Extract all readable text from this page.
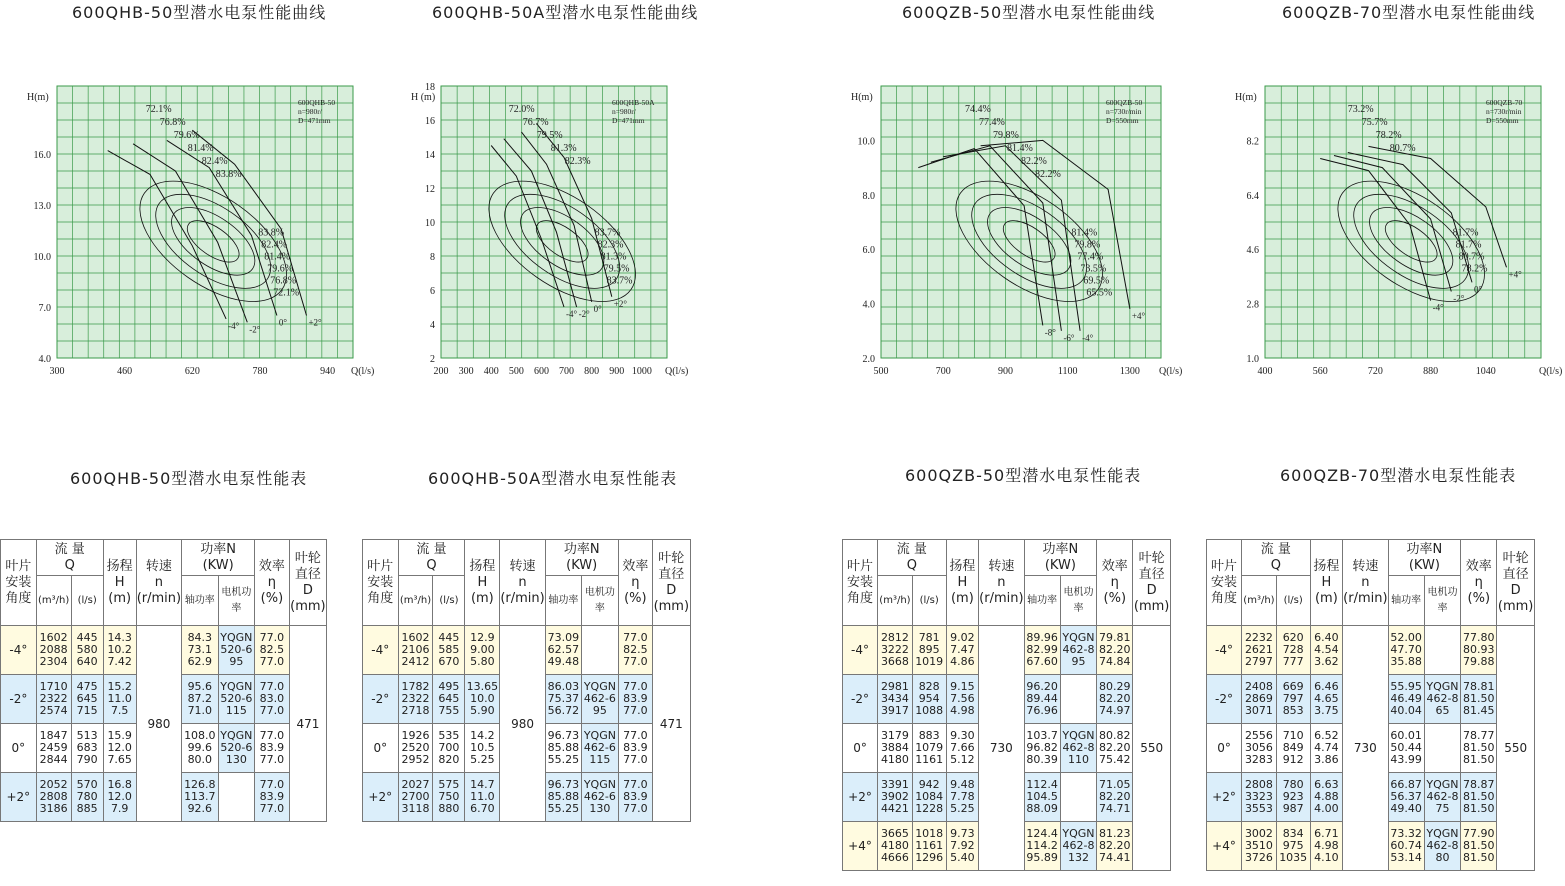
600QHB-50型潜水电泵性能曲线	600QHB-50A型潜水电泵性能曲线	600QZB-50型潜水电泵性能曲线	600QZB-70型潜水电泵性能曲线
4.0
7.0
10.0
13.0
16.0
300	460	620	780	940 Q(l/s)
H(m)	600QHB-50
n=980r/
D=471mm
-4° -2°
0° +2°
72.1%
76.8%
79.6%
81.4%
82.4%
83.8%
83.8%
82.4%
81.4%
79.6%
76.8%
72.1%
2
4
6
8
10
12
14
16
18
200 300 400 500 600 700 800 900 1000 Q(l/s)
H (m)	600QHB-50A
n=980r/
D=471mm
-4° -2°
0°
+2°
72.0%
76.7%
79.5%
81.3%
82.3%
83.7%
82.3%
81.3%
79.5%
83.7%
2.0
4.0
6.0
8.0
10.0
500	700	900	1100	1300 Q(l/s)
H(m)	600QZB-50
n=730r/min
D=550mm
-8°
-6° -4°
+4°
74.4%
77.4%
79.8%
81.4%
82.2%
82.2%
81.4%
79.8%
77.4%
73.5%
69.5%
65.5%
1.0
2.8
4.6
6.4
8.2
400	560	720	880	1040	Q(l/s)
H(m)	600QZB-70
n=730r/min
D=550mm
-4°
-2°
0°
+4°
73.2%
75.7%
78.2%
80.7%
81.7%
81.7%
80.7%
78.2%
600QHB-50型潜水电泵性能表	600QHB-50A型潜水电泵性能表	600QZB-50型潜水电泵性能表	600QZB-70型潜水电泵性能表
叶片
安装
角度	流 量
Q		扬程
H
(m)	转速
n
(r/min)	功率N
(KW)		效率
η
(%)	叶轮直径
D
(mm)
	(m³/h)	(l/s)			轴功率	电机功率		
-4°	1602
2088
2304	445
580
640	14.3
10.2
7.42	980	84.3
73.1
62.9	YQGN
520-6
95	77.0
82.5
77.0	471
-2°	1710
2322
2574	475
645
715	15.2
11.0
7.5		95.6
87.2
71.0	YQGN
520-6
115	77.0
83.0
77.0	
0°	1847
2459
2844	513
683
790	15.9
12.0
7.65		108.0
99.6
80.0	YQGN
520-6
130	77.0
83.9
77.0	
+2°	2052
2808
3186	570
780
885	16.8
12.0
7.9		126.8
113.7
92.6		77.0
83.9
77.0	
叶片
安装
角度	流 量
Q		扬程
H
(m)	转速
n
(r/min)	功率N
(KW)		效率
η
(%)	叶轮直径
D
(mm)
	(m³/h)	(l/s)			轴功率	电机功率		
-4°	1602
2106
2412	445
585
670	12.9
9.00
5.80	980	73.09
62.57
49.48		77.0
82.5
77.0	471
-2°	1782
2322
2718	495
645
755	13.65
10.0
5.90		86.03
75.37
56.72	YQGN
462-6
95	77.0
83.9
77.0	
0°	1926
2520
2952	535
700
820	14.2
10.5
5.25		96.73
85.88
55.25	YQGN
462-6
115	77.0
83.9
77.0	
+2°	2027
2700
3118	575
750
880	14.7
11.0
6.70		96.73
85.88
55.25	YQGN
462-6
130	77.0
83.9
77.0	
叶片
安装
角度	流 量
Q		扬程
H
(m)	转速
n
(r/min)	功率N
(KW)		效率
η
(%)	叶轮直径
D
(mm)
	(m³/h)	(l/s)			轴功率	电机功率		
-4°	2812
3222
3668	781
895
1019	9.02
7.47
4.86	730	89.96
82.99
67.60	YQGN
462-8
95	79.81
82.20
74.84	550
-2°	2981
3434
3917	828
954
1088	9.15
7.56
4.98		96.20
89.44
76.96		80.29
82.20
74.97	
0°	3179
3884
4180	883
1079
1161	9.30
7.66
5.12		103.7
96.82
80.39	YQGN
462-8
110	80.82
82.20
75.42	
+2°	3391
3902
4421	942
1084
1228	9.48
7.78
5.25		112.4
104.5
88.09		71.05
82.20
74.71	
+4°	3665
4180
4666	1018
1161
1296	9.73
7.92
5.40		124.4
114.2
95.89	YQGN
462-8
132	81.23
82.20
74.41	
叶片
安装
角度	流 量
Q		扬程
H
(m)	转速
n
(r/min)	功率N
(KW)		效率
η
(%)	叶轮直径
D
(mm)
	(m³/h)	(l/s)			轴功率	电机功率		
-4°	2232
2621
2797	620
728
777	6.40
4.54
3.62	730	52.00
47.70
35.88		77.80
80.93
79.88	550
-2°	2408
2869
3071	669
797
853	6.46
4.65
3.75		55.95
46.49
40.04	YQGN
462-8
65	78.81
81.50
81.45	
0°	2556
3056
3283	710
849
912	6.52
4.74
3.86		60.01
50.44
43.99		78.77
81.50
81.50	
+2°	2808
3323
3553	780
923
987	6.63
4.88
4.00		66.87
56.37
49.40	YQGN
462-8
75	78.87
81.50
81.50	
+4°	3002
3510
3726	834
975
1035	6.71
4.98
4.10		73.32
60.74
53.14	YQGN
462-8
80	77.90
81.50
81.50	
